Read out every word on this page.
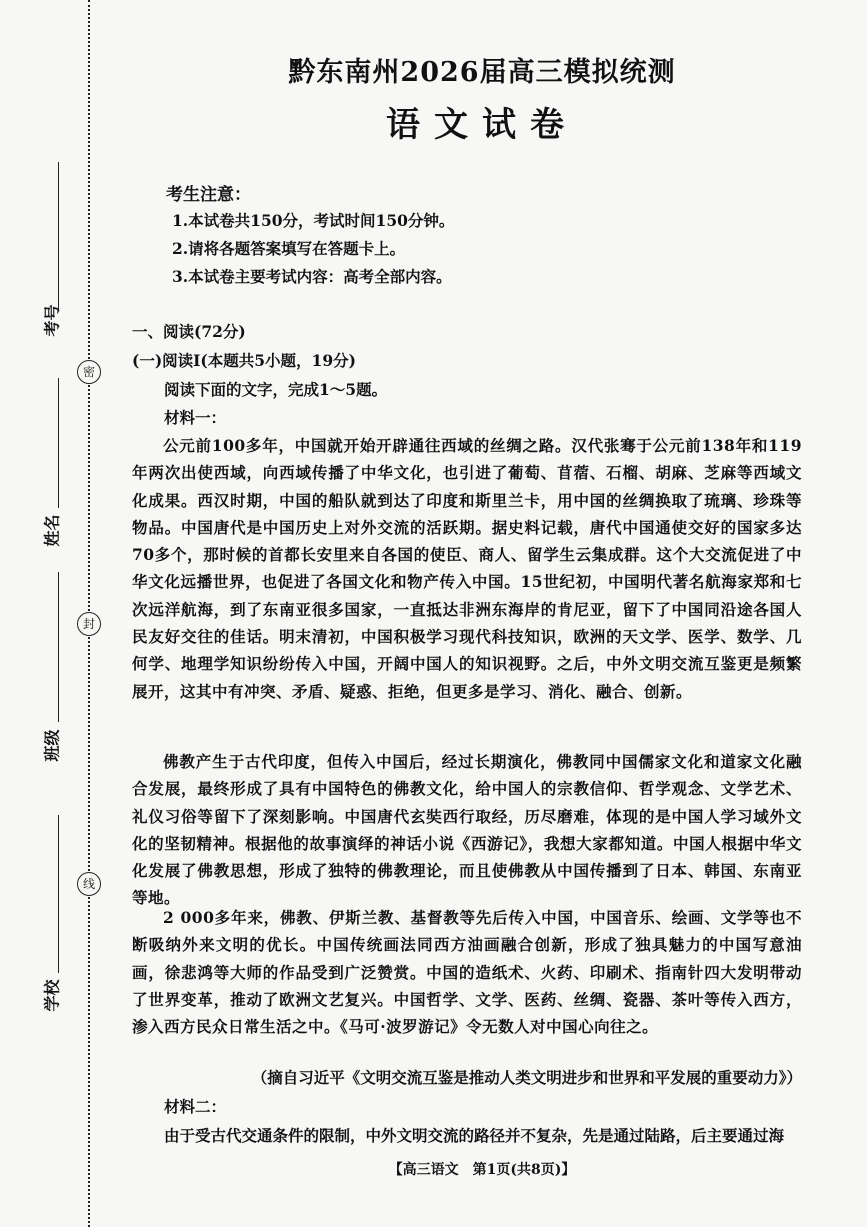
密
封
线
考号
姓名
班级
学校
黔东南州2026届高三模拟统测
语文试卷
考生注意：
1.本试卷共150分，考试时间150分钟。
2.请将各题答案填写在答题卡上。
3.本试卷主要考试内容：高考全部内容。
一、阅读(72分)
(一)阅读Ⅰ(本题共5小题，19分)
阅读下面的文字，完成1～5题。
材料一：
公元前100多年，中国就开始开辟通往西域的丝绸之路。汉代张骞于公元前138年和119年两次出使西域，向西域传播了中华文化，也引进了葡萄、苜蓿、石榴、胡麻、芝麻等西域文化成果。西汉时期，中国的船队就到达了印度和斯里兰卡，用中国的丝绸换取了琉璃、珍珠等物品。中国唐代是中国历史上对外交流的活跃期。据史料记载，唐代中国通使交好的国家多达70多个，那时候的首都长安里来自各国的使臣、商人、留学生云集成群。这个大交流促进了中华文化远播世界，也促进了各国文化和物产传入中国。15世纪初，中国明代著名航海家郑和七次远洋航海，到了东南亚很多国家，一直抵达非洲东海岸的肯尼亚，留下了中国同沿途各国人民友好交往的佳话。明末清初，中国积极学习现代科技知识，欧洲的天文学、医学、数学、几何学、地理学知识纷纷传入中国，开阔中国人的知识视野。之后，中外文明交流互鉴更是频繁展开，这其中有冲突、矛盾、疑惑、拒绝，但更多是学习、消化、融合、创新。
佛教产生于古代印度，但传入中国后，经过长期演化，佛教同中国儒家文化和道家文化融合发展，最终形成了具有中国特色的佛教文化，给中国人的宗教信仰、哲学观念、文学艺术、礼仪习俗等留下了深刻影响。中国唐代玄奘西行取经，历尽磨难，体现的是中国人学习域外文化的坚韧精神。根据他的故事演绎的神话小说《西游记》，我想大家都知道。中国人根据中华文化发展了佛教思想，形成了独特的佛教理论，而且使佛教从中国传播到了日本、韩国、东南亚等地。
2 000多年来，佛教、伊斯兰教、基督教等先后传入中国，中国音乐、绘画、文学等也不断吸纳外来文明的优长。中国传统画法同西方油画融合创新，形成了独具魅力的中国写意油画，徐悲鸿等大师的作品受到广泛赞赏。中国的造纸术、火药、印刷术、指南针四大发明带动了世界变革，推动了欧洲文艺复兴。中国哲学、文学、医药、丝绸、瓷器、茶叶等传入西方，渗入西方民众日常生活之中。《马可·波罗游记》令无数人对中国心向往之。
（摘自习近平《文明交流互鉴是推动人类文明进步和世界和平发展的重要动力》）
材料二：
由于受古代交通条件的限制，中外文明交流的路径并不复杂，先是通过陆路，后主要通过海
【高三语文　第1页(共8页)】
